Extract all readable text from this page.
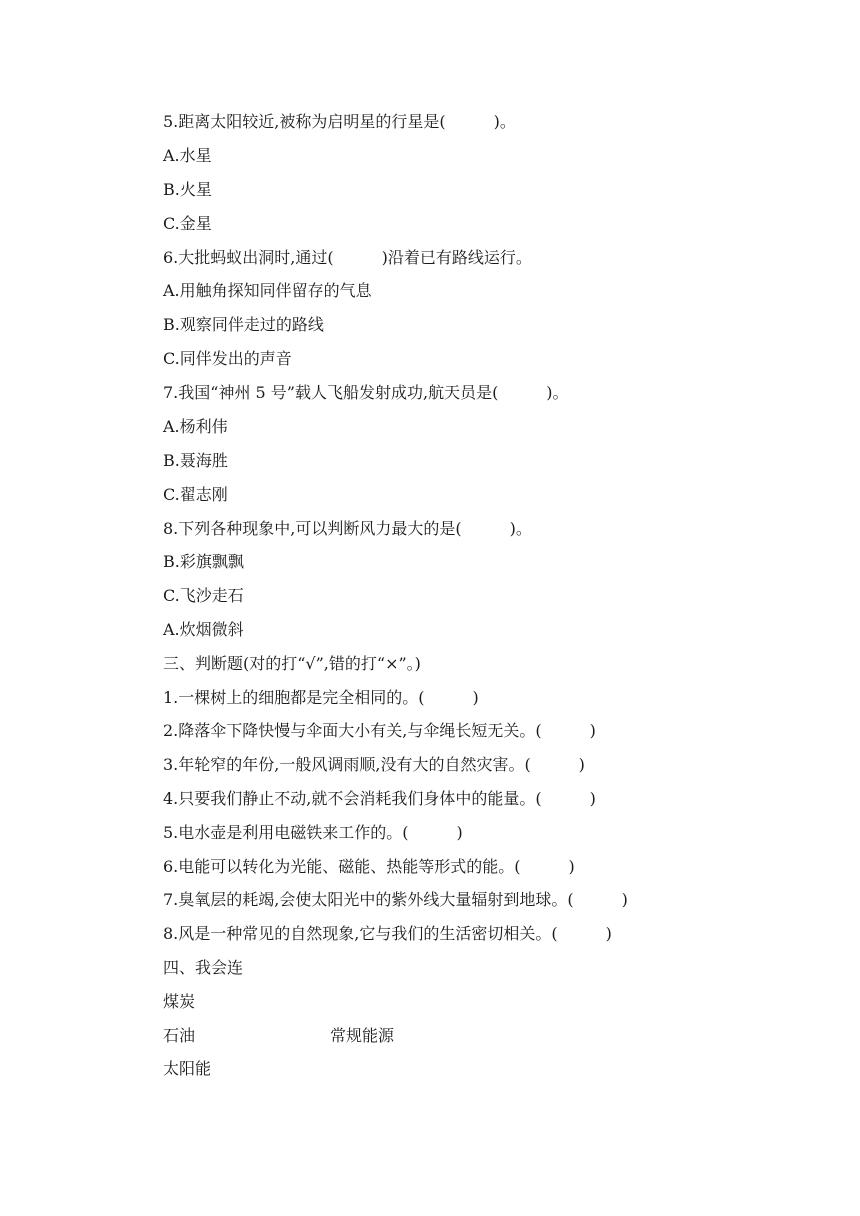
5.距离太阳较近,被称为启明星的行星是(　　　)。
A.水星
B.火星
C.金星
6.大批蚂蚁出洞时,通过(　　　)沿着已有路线运行。
A.用触角探知同伴留存的气息
B.观察同伴走过的路线
C.同伴发出的声音
7.我国“神州 5 号”载人飞船发射成功,航天员是(　　　)。
A.杨利伟
B.聂海胜
C.翟志刚
8.下列各种现象中,可以判断风力最大的是(　　　)。
B.彩旗飘飘
C.飞沙走石
A.炊烟微斜
三、判断题(对的打“√”,错的打“×”。)
1.一棵树上的细胞都是完全相同的。(　　　)
2.降落伞下降快慢与伞面大小有关,与伞绳长短无关。(　　　)
3.年轮窄的年份,一般风调雨顺,没有大的自然灾害。(　　　)
4.只要我们静止不动,就不会消耗我们身体中的能量。(　　　)
5.电水壶是利用电磁铁来工作的。(　　　)
6.电能可以转化为光能、磁能、热能等形式的能。(　　　)
7.臭氧层的耗竭,会使太阳光中的紫外线大量辐射到地球。(　　　)
8.风是一种常见的自然现象,它与我们的生活密切相关。(　　　)
四、我会连
煤炭
石油	常规能源
太阳能
